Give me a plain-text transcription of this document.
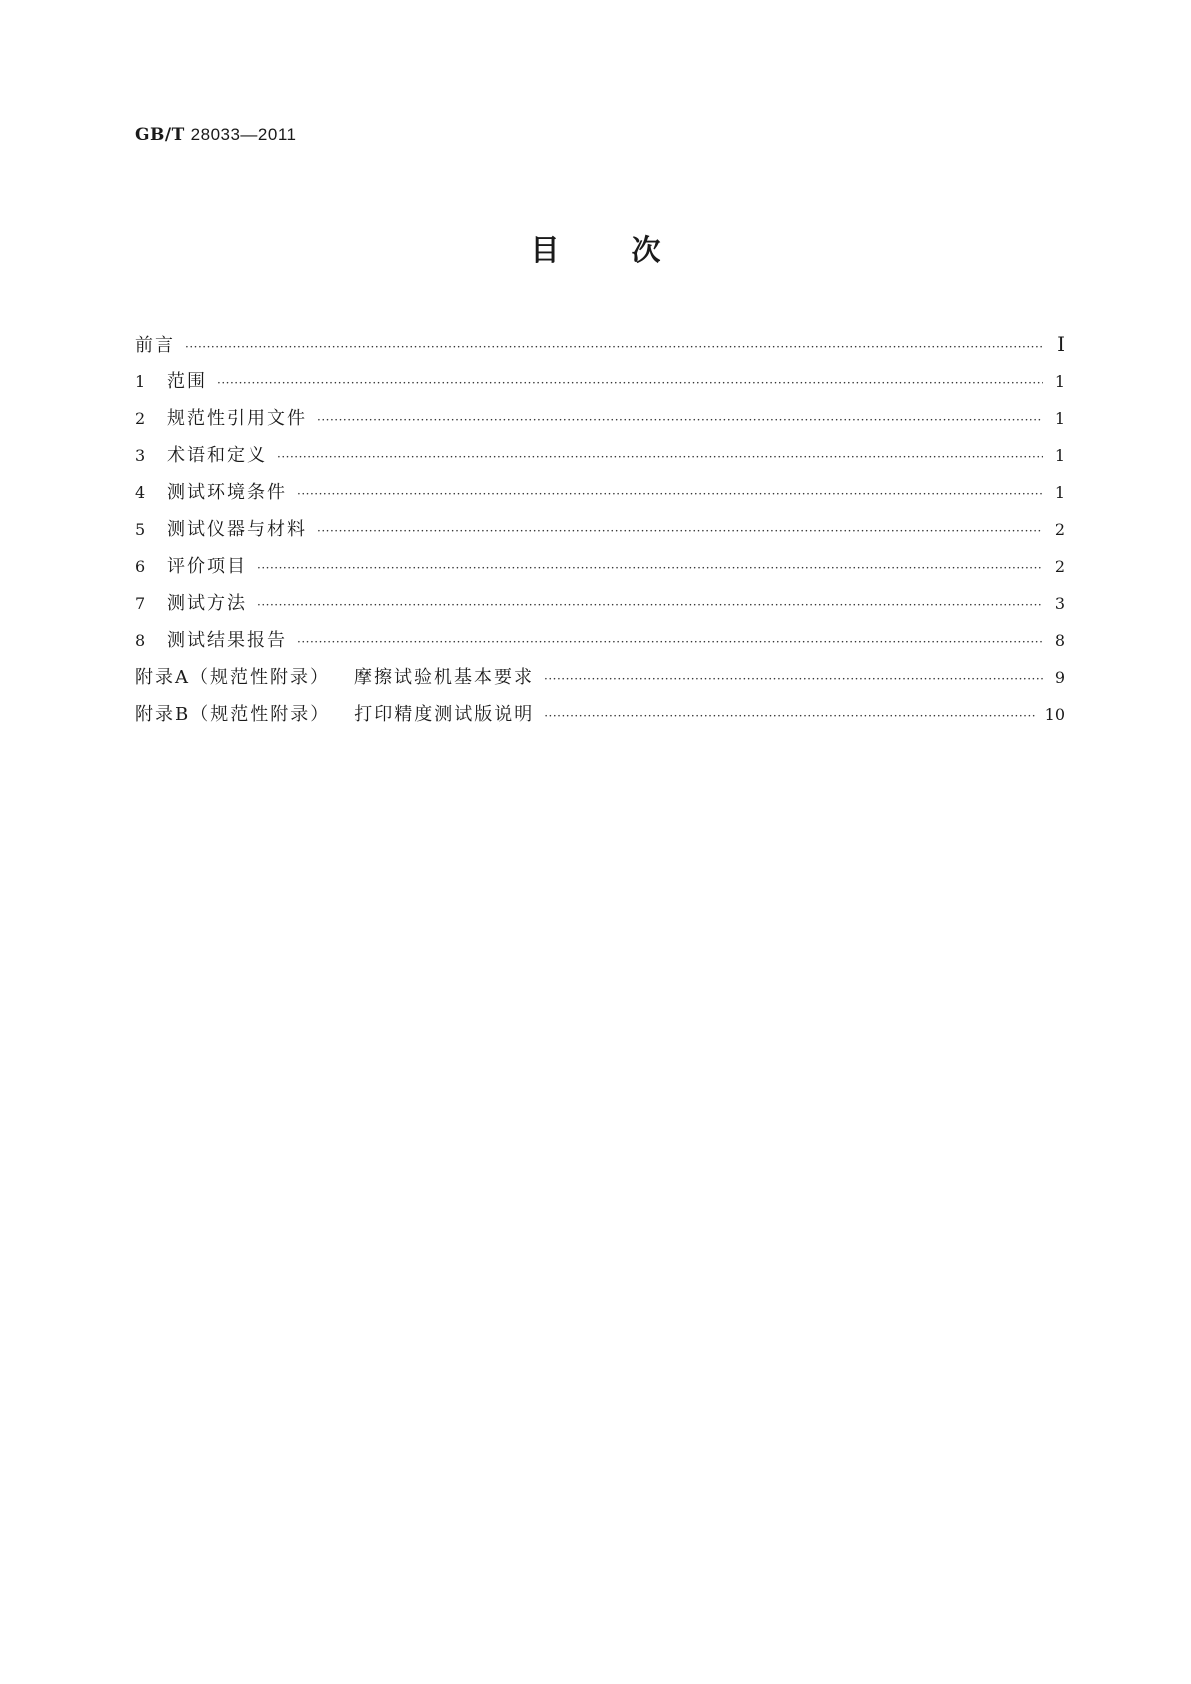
GB/T 28033—2011
目 次
前言 ·····	Ⅰ
1	范围 ·····	1
2	规范性引用文件 ·····	1
3	术语和定义 ·····	1
4	测试环境条件 ·····	1
5	测试仪器与材料 ·····	2
6	评价项目 ·····	2
7	测试方法 ·····	3
8	测试结果报告 ·····	8
附录A（规范性附录） 摩擦试验机基本要求 ·····	9
附录B（规范性附录） 打印精度测试版说明 ·····	10
